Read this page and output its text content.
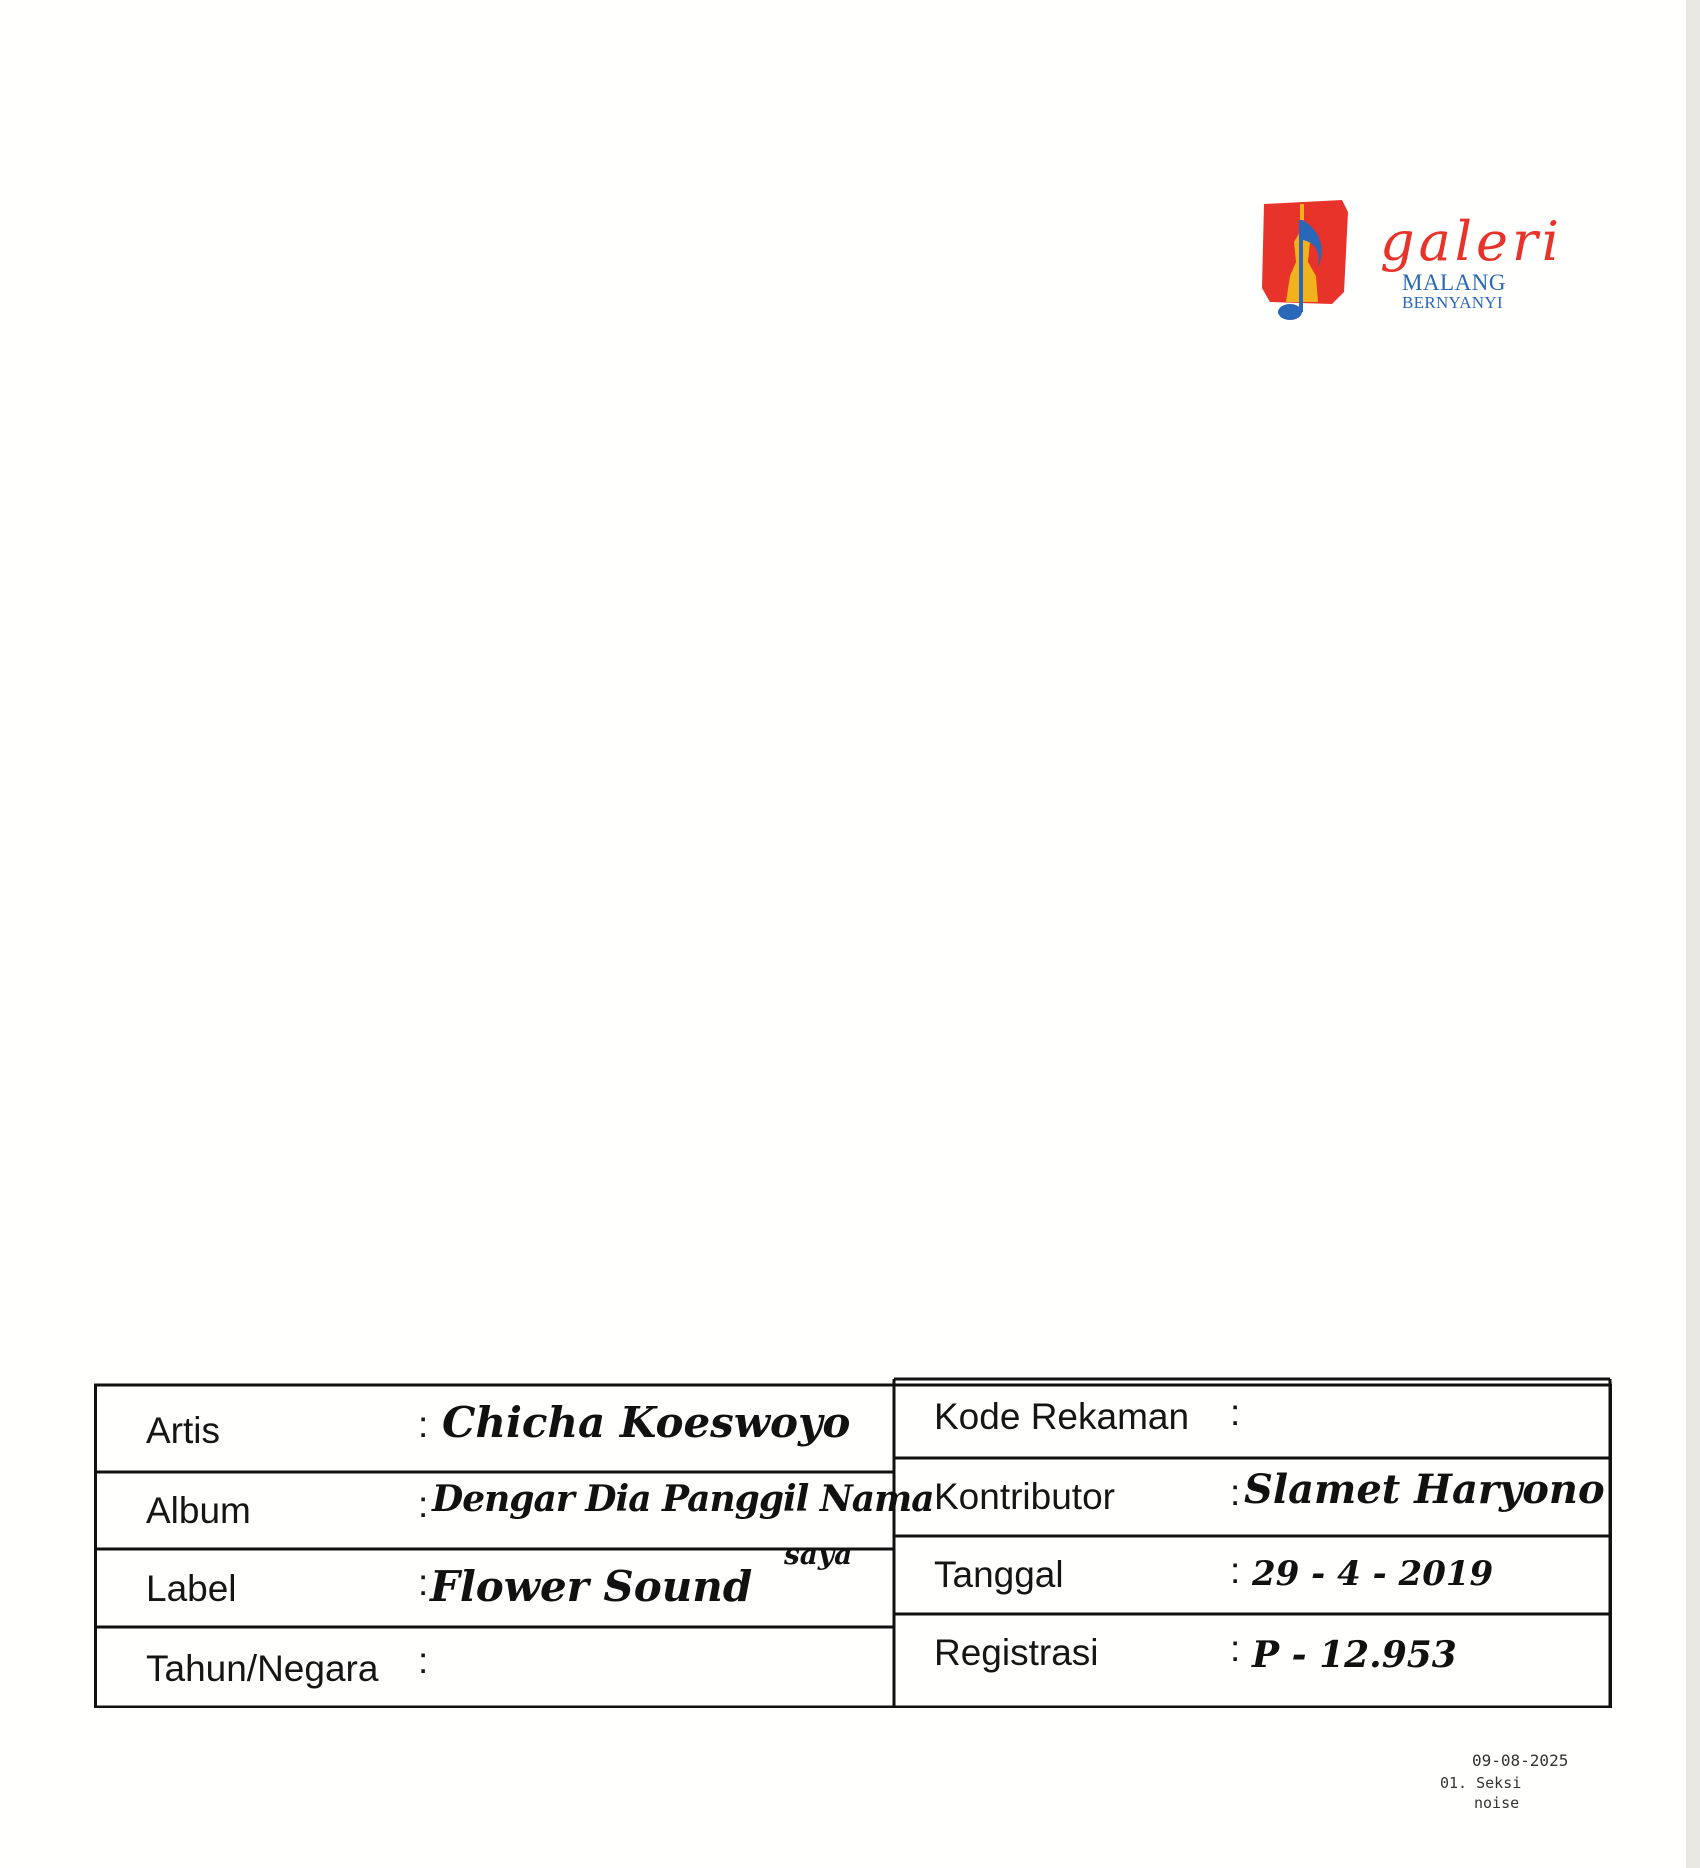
galeri
MALANG
BERNYANYI
Artis
Album
Label
Tahun/Negara
:
:
:
:
Chicha Koeswoyo
Dengar Dia Panggil Nama
saya
Flower Sound
Kode Rekaman
Kontributor
Tanggal
Registrasi
:
:
:
:
Slamet Haryono
29 - 4 - 2019
P - 12.953
09-08-2025
01. Seksi
noise
